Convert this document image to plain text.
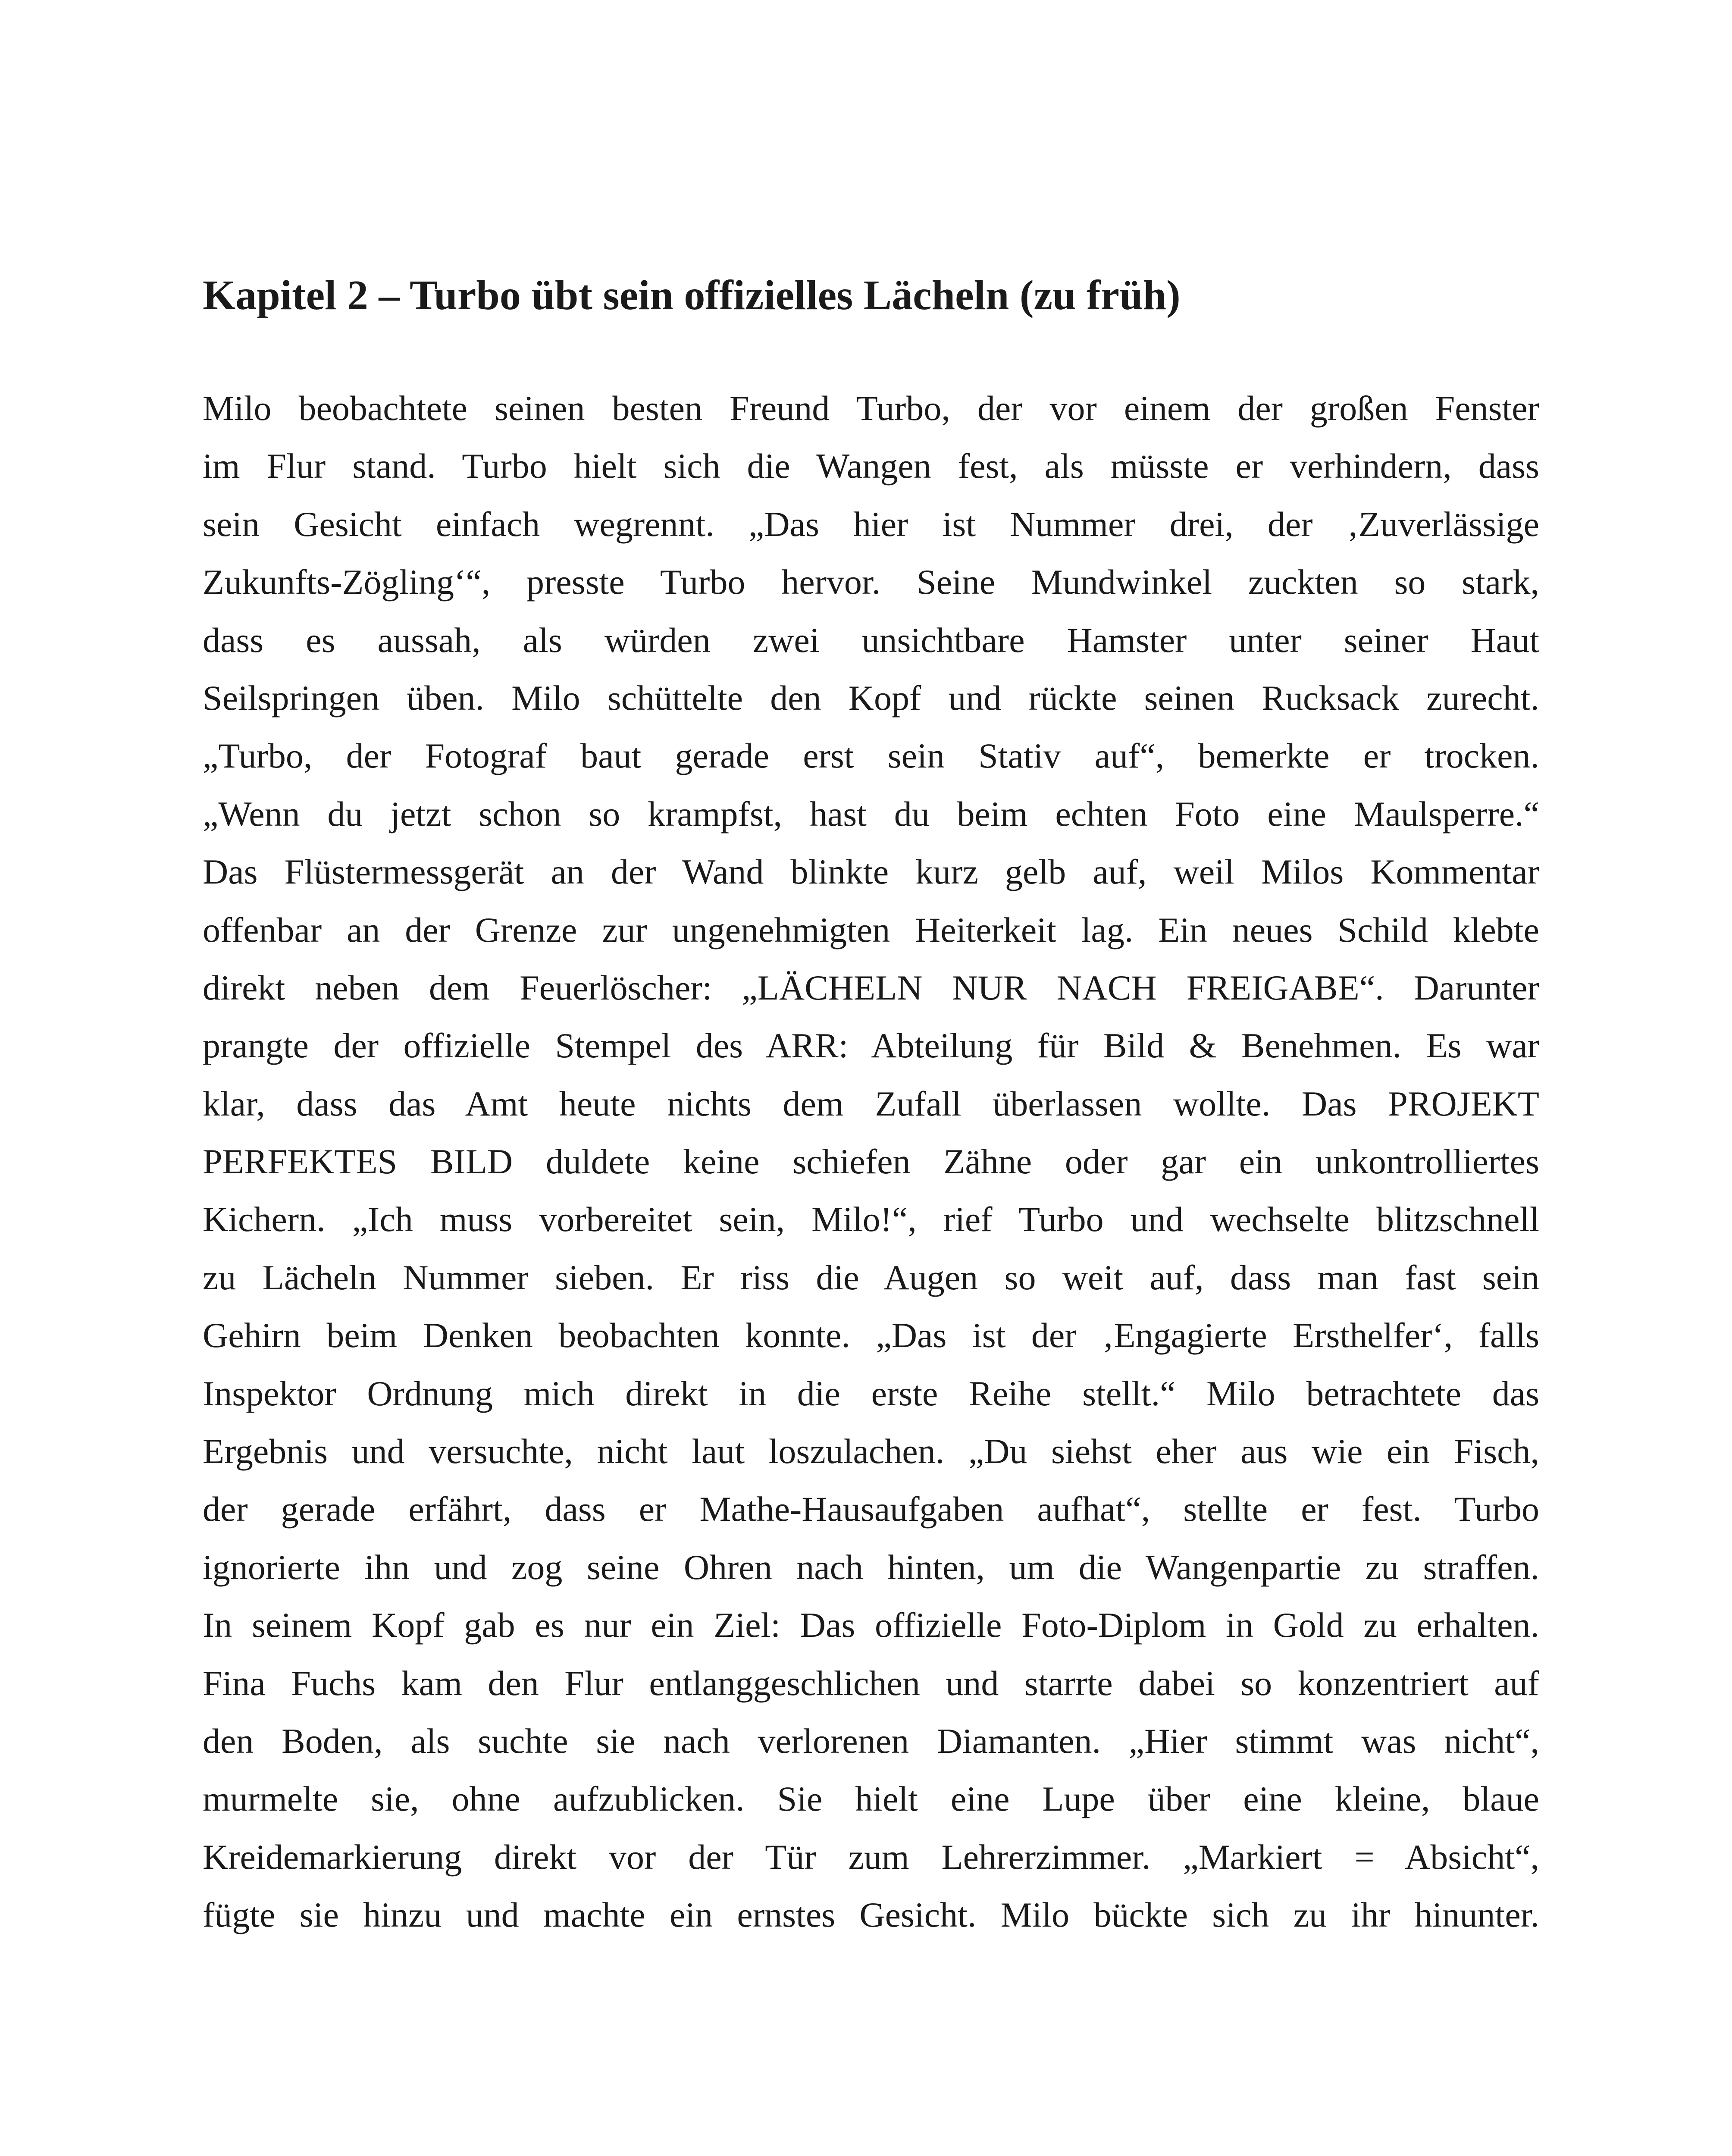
Kapitel 2 – Turbo übt sein offizielles Lächeln (zu früh)
Milo beobachtete seinen besten Freund Turbo, der vor einem der großen Fenster
im Flur stand. Turbo hielt sich die Wangen fest, als müsste er verhindern, dass
sein Gesicht einfach wegrennt. „Das hier ist Nummer drei, der ‚Zuverlässige
Zukunfts-Zögling‘“, presste Turbo hervor. Seine Mundwinkel zuckten so stark,
dass es aussah, als würden zwei unsichtbare Hamster unter seiner Haut
Seilspringen üben. Milo schüttelte den Kopf und rückte seinen Rucksack zurecht.
„Turbo, der Fotograf baut gerade erst sein Stativ auf“, bemerkte er trocken.
„Wenn du jetzt schon so krampfst, hast du beim echten Foto eine Maulsperre.“
Das Flüstermessgerät an der Wand blinkte kurz gelb auf, weil Milos Kommentar
offenbar an der Grenze zur ungenehmigten Heiterkeit lag. Ein neues Schild klebte
direkt neben dem Feuerlöscher: „LÄCHELN NUR NACH FREIGABE“. Darunter
prangte der offizielle Stempel des ARR: Abteilung für Bild & Benehmen. Es war
klar, dass das Amt heute nichts dem Zufall überlassen wollte. Das PROJEKT
PERFEKTES BILD duldete keine schiefen Zähne oder gar ein unkontrolliertes
Kichern. „Ich muss vorbereitet sein, Milo!“, rief Turbo und wechselte blitzschnell
zu Lächeln Nummer sieben. Er riss die Augen so weit auf, dass man fast sein
Gehirn beim Denken beobachten konnte. „Das ist der ‚Engagierte Ersthelfer‘, falls
Inspektor Ordnung mich direkt in die erste Reihe stellt.“ Milo betrachtete das
Ergebnis und versuchte, nicht laut loszulachen. „Du siehst eher aus wie ein Fisch,
der gerade erfährt, dass er Mathe-Hausaufgaben aufhat“, stellte er fest. Turbo
ignorierte ihn und zog seine Ohren nach hinten, um die Wangenpartie zu straffen.
In seinem Kopf gab es nur ein Ziel: Das offizielle Foto-Diplom in Gold zu erhalten.
Fina Fuchs kam den Flur entlanggeschlichen und starrte dabei so konzentriert auf
den Boden, als suchte sie nach verlorenen Diamanten. „Hier stimmt was nicht“,
murmelte sie, ohne aufzublicken. Sie hielt eine Lupe über eine kleine, blaue
Kreidemarkierung direkt vor der Tür zum Lehrerzimmer. „Markiert = Absicht“,
fügte sie hinzu und machte ein ernstes Gesicht. Milo bückte sich zu ihr hinunter.
